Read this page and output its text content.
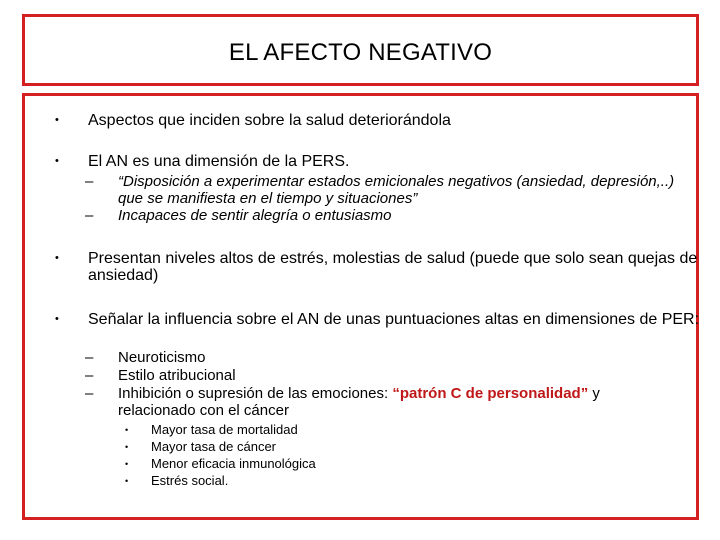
EL AFECTO NEGATIVO
• Aspectos que inciden sobre la salud deteriorándola
• El AN es una dimensión de la PERS.
– “Disposición a experimentar estados emicionales negativos (ansiedad, depresión,..) que se manifiesta en el tiempo y situaciones”
– Incapaces de sentir alegría o entusiasmo
• Presentan niveles altos de estrés, molestias de salud (puede que solo sean quejas de ansiedad)
• Señalar la influencia sobre el AN de unas puntuaciones altas en dimensiones de PER:
– Neuroticismo
– Estilo atribucional
– Inhibición o supresión de las emociones: “patrón C de personalidad” y relacionado con el cáncer
• Mayor tasa de mortalidad
• Mayor tasa de cáncer
• Menor eficacia inmunológica
• Estrés social.
